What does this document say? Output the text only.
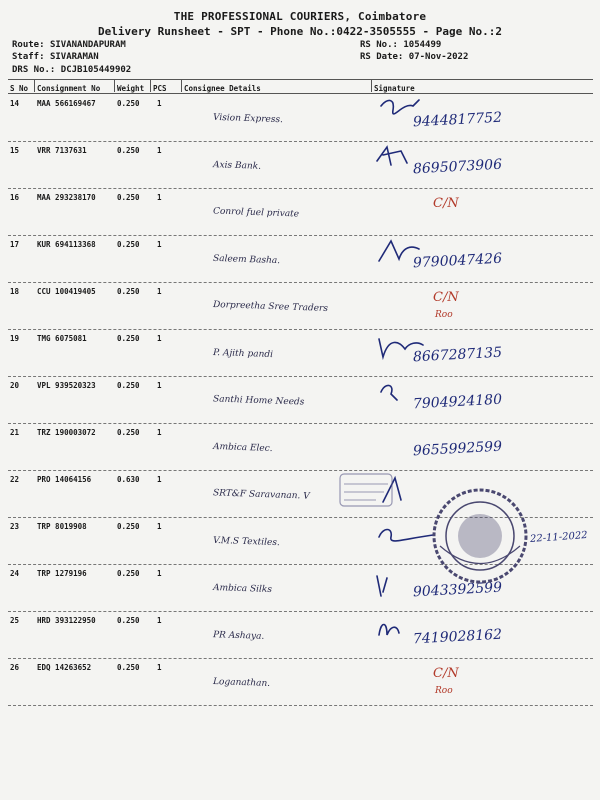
THE PROFESSIONAL COURIERS, Coimbatore
Delivery Runsheet - SPT - Phone No.:0422-3505555 - Page No.:2
Route: SIVANANDAPURAM
Staff: SIVARAMAN
DRS No.: DCJB105449902
RS No.: 1054499
RS Date: 07-Nov-2022
S No Consignment No Weight PCS Consignee Details	Signature
14 MAA 566169467	0.250 1
Vision Express.	9444817752
15 VRR 7137631	0.250 1
Axis Bank.	8695073906
16 MAA 293238170	0.250 1
Conrol fuel private
C/N
17 KUR 694113368	0.250 1
Saleem Basha.	9790047426
18 CCU 100419405	0.250 1
Dorpreetha Sree Traders
C/N
Roo
19 TMG 6075081	0.250 1
P. Ajith pandi	8667287135
20 VPL 939520323	0.250 1
Santhi Home Needs	7904924180
21 TRZ 190003072	0.250 1
Ambica Elec.	9655992599
22 PRO 14064156	0.630 1
SRT&F Saravanan. V
23 TRP 8019908	0.250 1
V.M.S Textiles.
24 TRP 1279196	0.250 1
Ambica Silks	9043392599
25 HRD 393122950	0.250 1
PR Ashaya.	7419028162
26 EDQ 14263652	0.250 1
Loganathan.
C/N
Roo
22-11-2022
